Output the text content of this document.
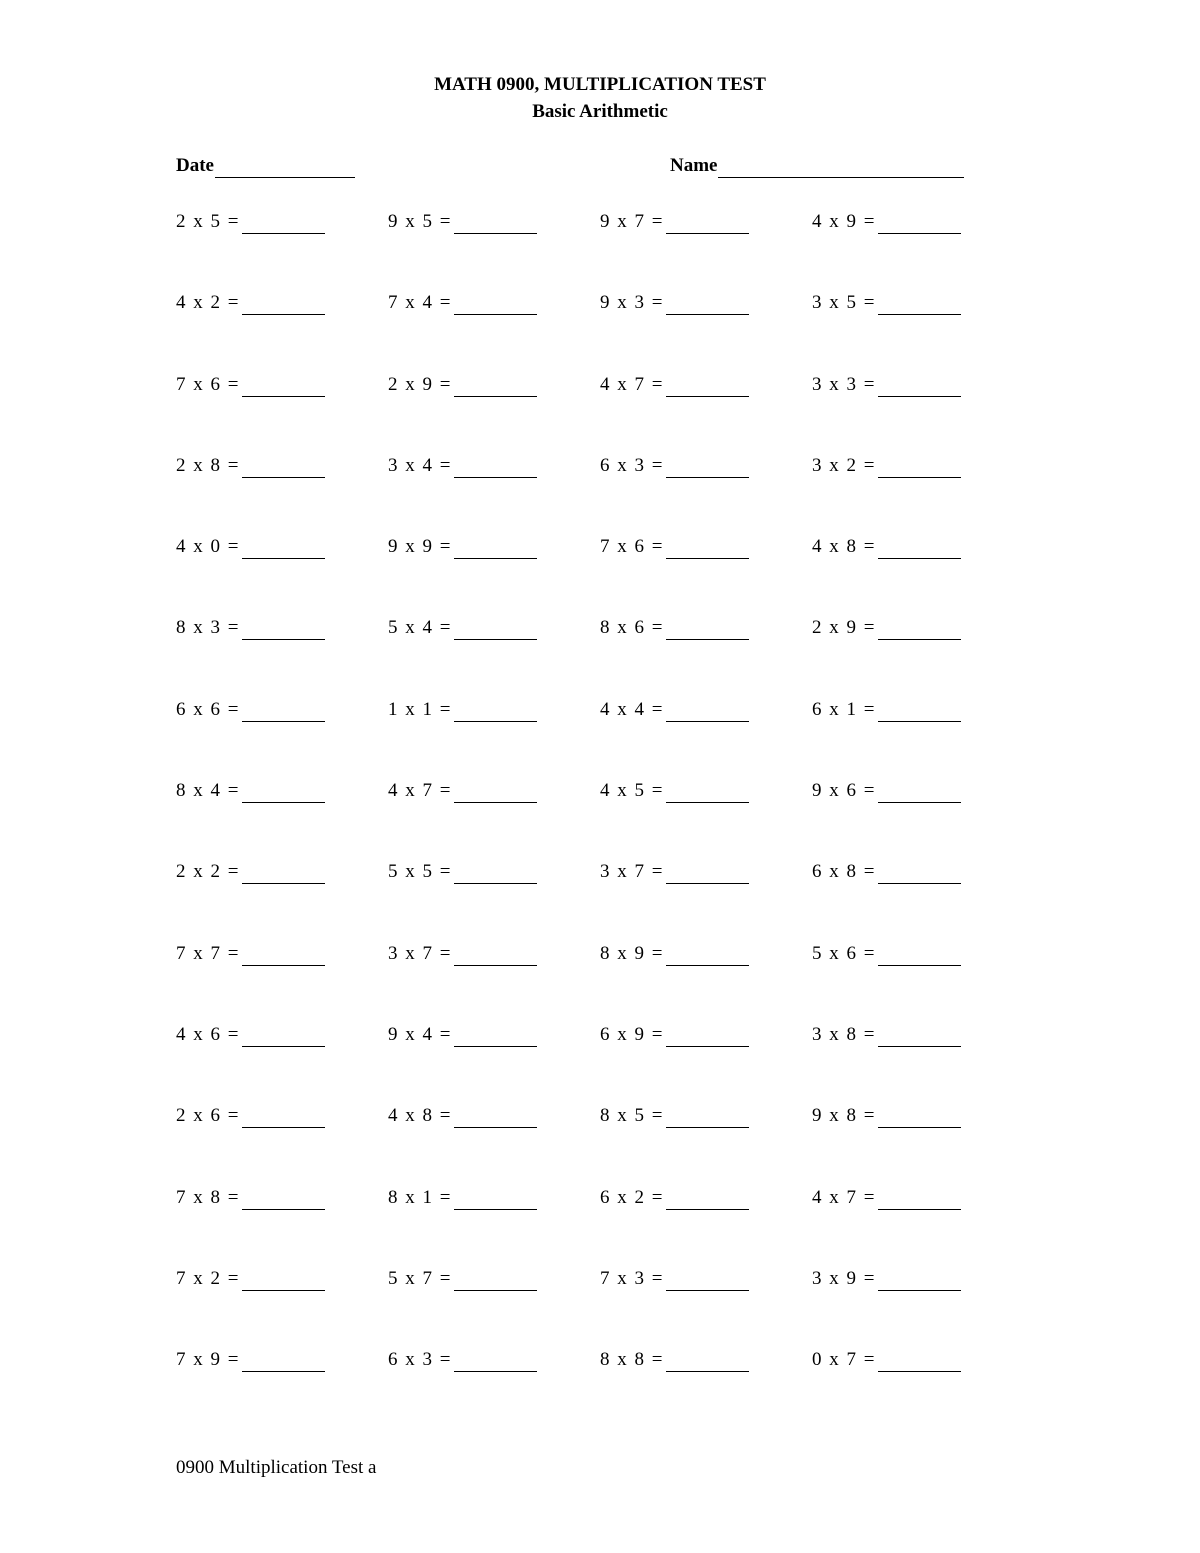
MATH 0900, MULTIPLICATION TEST
Basic Arithmetic
Date	Name
2 x 5 =	9 x 5 =	9 x 7 =	4 x 9 =
4 x 2 =	7 x 4 =	9 x 3 =	3 x 5 =
7 x 6 =	2 x 9 =	4 x 7 =	3 x 3 =
2 x 8 =	3 x 4 =	6 x 3 =	3 x 2 =
4 x 0 =	9 x 9 =	7 x 6 =	4 x 8 =
8 x 3 =	5 x 4 =	8 x 6 =	2 x 9 =
6 x 6 =	1 x 1 =	4 x 4 =	6 x 1 =
8 x 4 =	4 x 7 =	4 x 5 =	9 x 6 =
2 x 2 =	5 x 5 =	3 x 7 =	6 x 8 =
7 x 7 =	3 x 7 =	8 x 9 =	5 x 6 =
4 x 6 =	9 x 4 =	6 x 9 =	3 x 8 =
2 x 6 =	4 x 8 =	8 x 5 =	9 x 8 =
7 x 8 =	8 x 1 =	6 x 2 =	4 x 7 =
7 x 2 =	5 x 7 =	7 x 3 =	3 x 9 =
7 x 9 =	6 x 3 =	8 x 8 =	0 x 7 =
0900 Multiplication Test a
